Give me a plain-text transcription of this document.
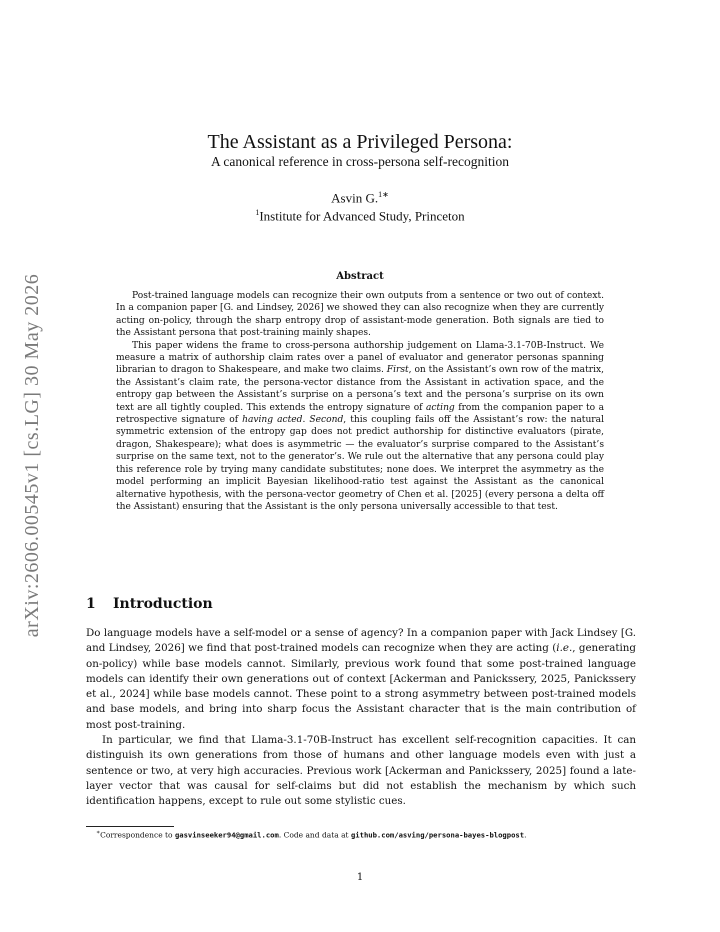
arXiv:2606.00545v1 [cs.LG] 30 May 2026
The Assistant as a Privileged Persona:
A canonical reference in cross-persona self-recognition
Asvin G.$^{1∗}$
$^1$Institute for Advanced Study, Princeton
Abstract

Post-trained language models can recognize their own outputs from a sentence or two out of context. In a companion paper [G. and Lindsey, 2026] we showed they can also recognize when they are currently acting on-policy, through the sharp entropy drop of assistant-mode generation. Both signals are tied to the Assistant persona that post-training mainly shapes.

This paper widens the frame to cross-persona authorship judgement on Llama-3.1-70B-Instruct. We measure a matrix of authorship claim rates over a panel of evaluator and generator personas spanning librarian to dragon to Shakespeare, and make two claims. First, on the Assistant’s own row of the matrix, the Assistant’s claim rate, the persona-vector distance from the Assistant in activation space, and the entropy gap between the Assistant’s surprise on a persona’s text and the persona’s surprise on its own text are all tightly coupled. This extends the entropy signature of acting from the companion paper to a retrospective signature of having acted. Second, this coupling fails off the Assistant’s row: the natural symmetric extension of the entropy gap does not predict authorship for distinctive evaluators (pirate, dragon, Shakespeare); what does is asymmetric — the evaluator’s surprise compared to the Assistant’s surprise on the same text, not to the generator’s. We rule out the alternative that any persona could play this reference role by trying many candidate substitutes; none does. We interpret the asymmetry as the model performing an implicit Bayesian likelihood-ratio test against the Assistant as the canonical alternative hypothesis, with the persona-vector geometry of Chen et al. [2025] (every persona a delta off the Assistant) ensuring that the Assistant is the only persona universally accessible to that test.

1 Introduction

Do language models have a self-model or a sense of agency? In a companion paper with Jack Lindsey [G. and Lindsey, 2026] we find that post-trained models can recognize when they are acting (i.e., generating on-policy) while base models cannot. Similarly, previous work found that some post-trained language models can identify their own generations out of context [Ackerman and Panickssery, 2025, Panickssery et al., 2024] while base models cannot. These point to a strong asymmetry between post-trained models and base models, and bring into sharp focus the Assistant character that is the main contribution of most post-training.

In particular, we find that Llama-3.1-70B-Instruct has excellent self-recognition capacities. It can distinguish its own generations from those of humans and other language models even with just a sentence or two, at very high accuracies. Previous work [Ackerman and Panickssery, 2025] found a late-layer vector that was causal for self-claims but did not establish the mechanism by which such identification happens, except to rule out some stylistic cues.

∗Correspondence to gasvinseeker94@gmail.com. Code and data at github.com/asving/persona-bayes-blogpost.
1
